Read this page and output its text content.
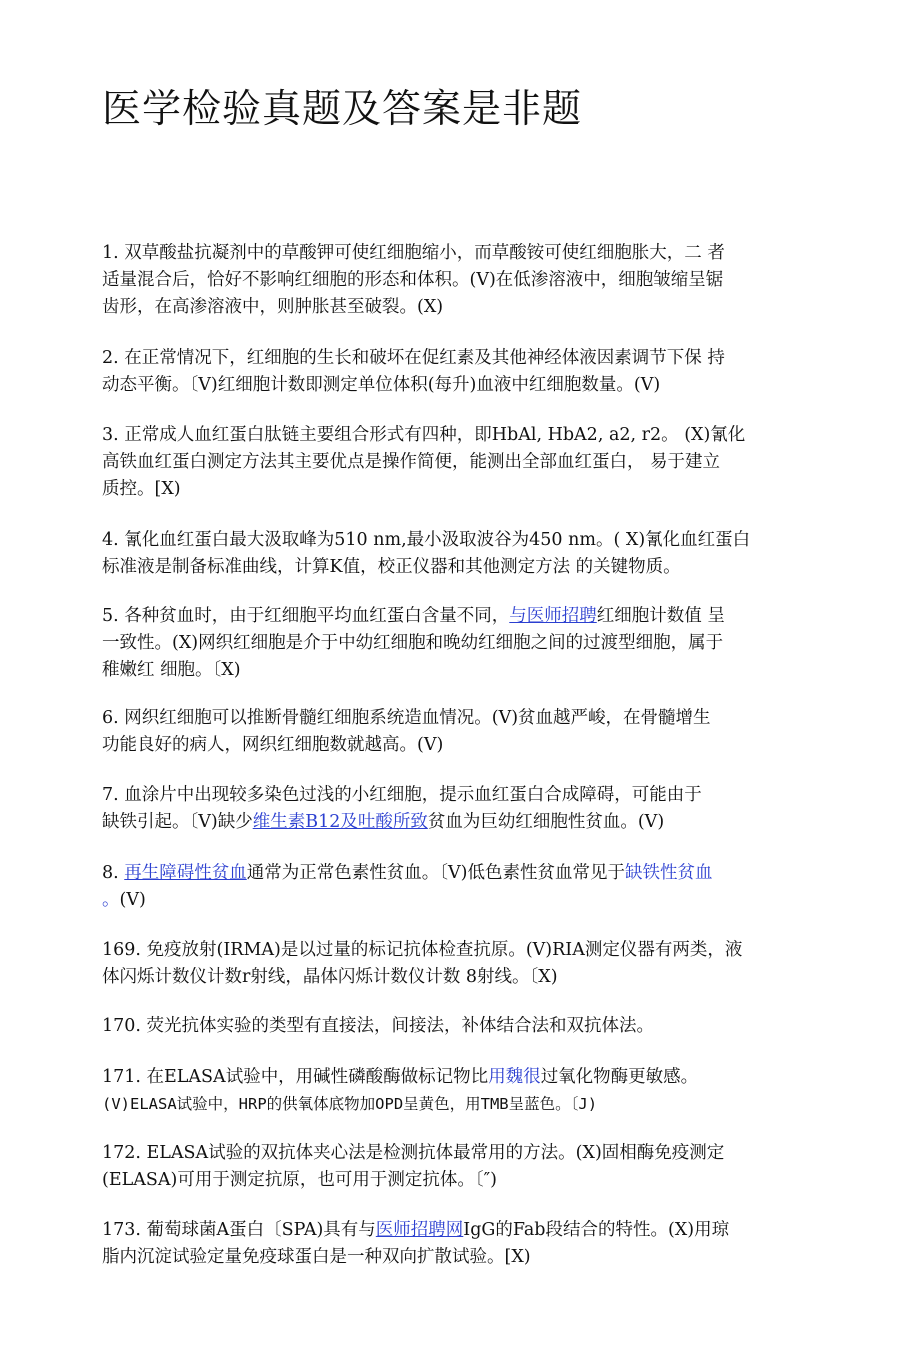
医学检验真题及答案是非题

1. 双草酸盐抗凝剂中的草酸钾可使红细胞缩小，而草酸铵可使红细胞胀大，二 者
适量混合后，恰好不影响红细胞的形态和体积。(V)在低渗溶液中，细胞皱缩呈锯
齿形，在高渗溶液中，则肿胀甚至破裂。(X)

2. 在正常情况下，红细胞的生长和破坏在促红素及其他神经体液因素调节下保 持
动态平衡。〔V)红细胞计数即测定单位体积(每升)血液中红细胞数量。(V)

3. 正常成人血红蛋白肽链主要组合形式有四种，即HbAl, HbA2, a2, r2。 (X)氰化
高铁血红蛋白测定方法其主要优点是操作简便，能测出全部血红蛋白， 易于建立
质控。[X)

4. 氰化血红蛋白最大汲取峰为510 nm,最小汲取波谷为450 nm。( X)氰化血红蛋白
标准液是制备标准曲线，计算K值，校正仪器和其他测定方法 的关键物质。

5. 各种贫血时，由于红细胞平均血红蛋白含量不同，与医师招聘红细胞计数值 呈
一致性。(X)网织红细胞是介于中幼红细胞和晚幼红细胞之间的过渡型细胞，属于
稚嫩红 细胞。〔X)

6. 网织红细胞可以推断骨髓红细胞系统造血情况。(V)贫血越严峻，在骨髓增生
功能良好的病人，网织红细胞数就越高。(V)

7. 血涂片中出现较多染色过浅的小红细胞，提示血红蛋白合成障碍，可能由于
缺铁引起。〔V)缺少维生素B12及吐酸所致贫血为巨幼红细胞性贫血。(V)

8. 再生障碍性贫血通常为正常色素性贫血。〔V)低色素性贫血常见于缺铁性贫血
。(V)

169. 免疫放射(IRMA)是以过量的标记抗体检查抗原。(V)RIA测定仪器有两类，液
体闪烁计数仪计数r射线，晶体闪烁计数仪计数 8射线。〔X)

170. 荧光抗体实验的类型有直接法，间接法，补体结合法和双抗体法。

171. 在ELASA试验中，用碱性磷酸酶做标记物比用魏很过氧化物酶更敏感。
(V)ELASA试验中，HRP的供氧体底物加OPD呈黄色，用TMB呈蓝色。〔J)

172. ELASA试验的双抗体夹心法是检测抗体最常用的方法。(X)固相酶免疫测定
(ELASA)可用于测定抗原，也可用于测定抗体。〔″)

173. 葡萄球菌A蛋白〔SPA)具有与医师招聘网IgG的Fab段结合的特性。(X)用琼
脂内沉淀试验定量免疫球蛋白是一种双向扩散试验。[X)
